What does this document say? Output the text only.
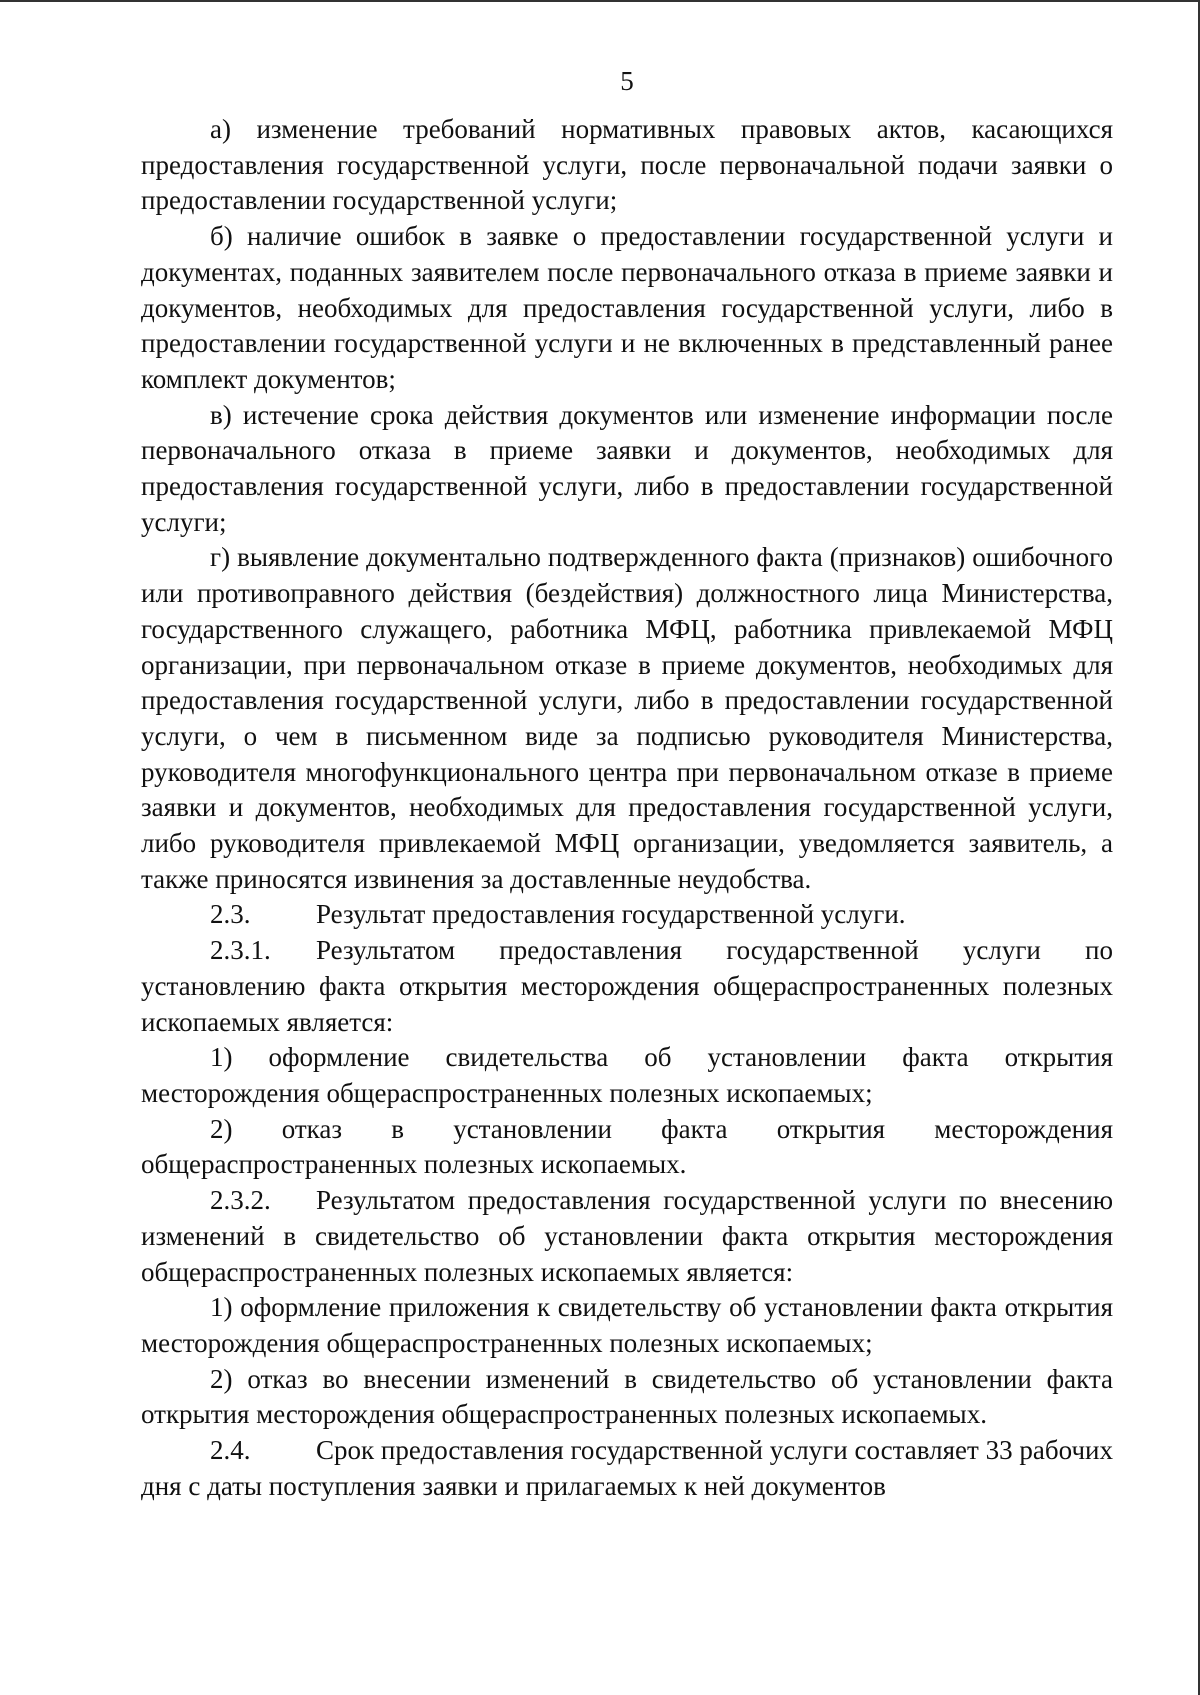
5

а) изменение требований нормативных правовых актов, касающихся предоставления государственной услуги, после первоначальной подачи заявки о предоставлении государственной услуги;

б) наличие ошибок в заявке о предоставлении государственной услуги и документах, поданных заявителем после первоначального отказа в приеме заявки и документов, необходимых для предоставления государственной услуги, либо в предоставлении государственной услуги и не включенных в представленный ранее комплект документов;

в) истечение срока действия документов или изменение информации после первоначального отказа в приеме заявки и документов, необходимых для предоставления государственной услуги, либо в предоставлении государственной услуги;

г) выявление документально подтвержденного факта (признаков) ошибочного или противоправного действия (бездействия) должностного лица Министерства, государственного служащего, работника МФЦ, работника привлекаемой МФЦ организации, при первоначальном отказе в приеме документов, необходимых для предоставления государственной услуги, либо в предоставлении государственной услуги, о чем в письменном виде за подписью руководителя Министерства, руководителя многофункционального центра при первоначальном отказе в приеме заявки и документов, необходимых для предоставления государственной услуги, либо руководителя привлекаемой МФЦ организации, уведомляется заявитель, а также приносятся извинения за доставленные неудобства.

2.3. Результат предоставления государственной услуги.

2.3.1. Результатом предоставления государственной услуги по установлению факта открытия месторождения общераспространенных полезных ископаемых является:

1) оформление свидетельства об установлении факта открытия месторождения общераспространенных полезных ископаемых;

2) отказ в установлении факта открытия месторождения общераспространенных полезных ископаемых.

2.3.2. Результатом предоставления государственной услуги по внесению изменений в свидетельство об установлении факта открытия месторождения общераспространенных полезных ископаемых является:

1) оформление приложения к свидетельству об установлении факта открытия месторождения общераспространенных полезных ископаемых;

2) отказ во внесении изменений в свидетельство об установлении факта открытия месторождения общераспространенных полезных ископаемых.

2.4. Срок предоставления государственной услуги составляет 33 рабочих дня с даты поступления заявки и прилагаемых к ней документов
